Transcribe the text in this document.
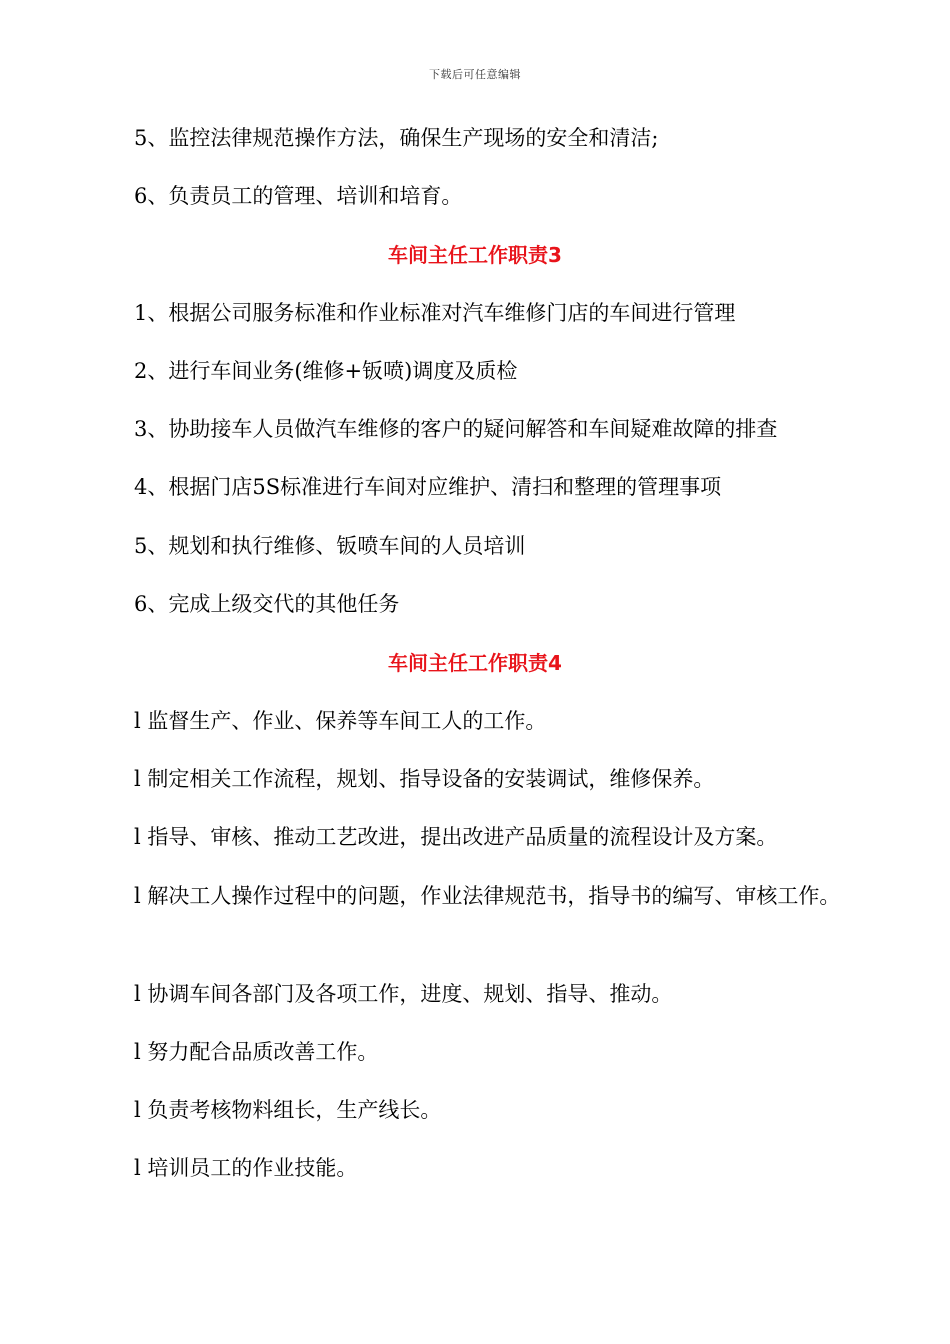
下载后可任意编辑
5、监控法律规范操作方法，确保生产现场的安全和清洁;
6、负责员工的管理、培训和培育。
车间主任工作职责3
1、根据公司服务标准和作业标准对汽车维修门店的车间进行管理
2、进行车间业务(维修+钣喷)调度及质检
3、协助接车人员做汽车维修的客户的疑问解答和车间疑难故障的排查
4、根据门店5S标准进行车间对应维护、清扫和整理的管理事项
5、规划和执行维修、钣喷车间的人员培训
6、完成上级交代的其他任务
车间主任工作职责4
l 监督生产、作业、保养等车间工人的工作。
l 制定相关工作流程，规划、指导设备的安装调试，维修保养。
l 指导、审核、推动工艺改进，提出改进产品质量的流程设计及方案。
l 解决工人操作过程中的问题，作业法律规范书，指导书的编写、审核工作。
l 协调车间各部门及各项工作，进度、规划、指导、推动。
l 努力配合品质改善工作。
l 负责考核物料组长，生产线长。
l 培训员工的作业技能。
